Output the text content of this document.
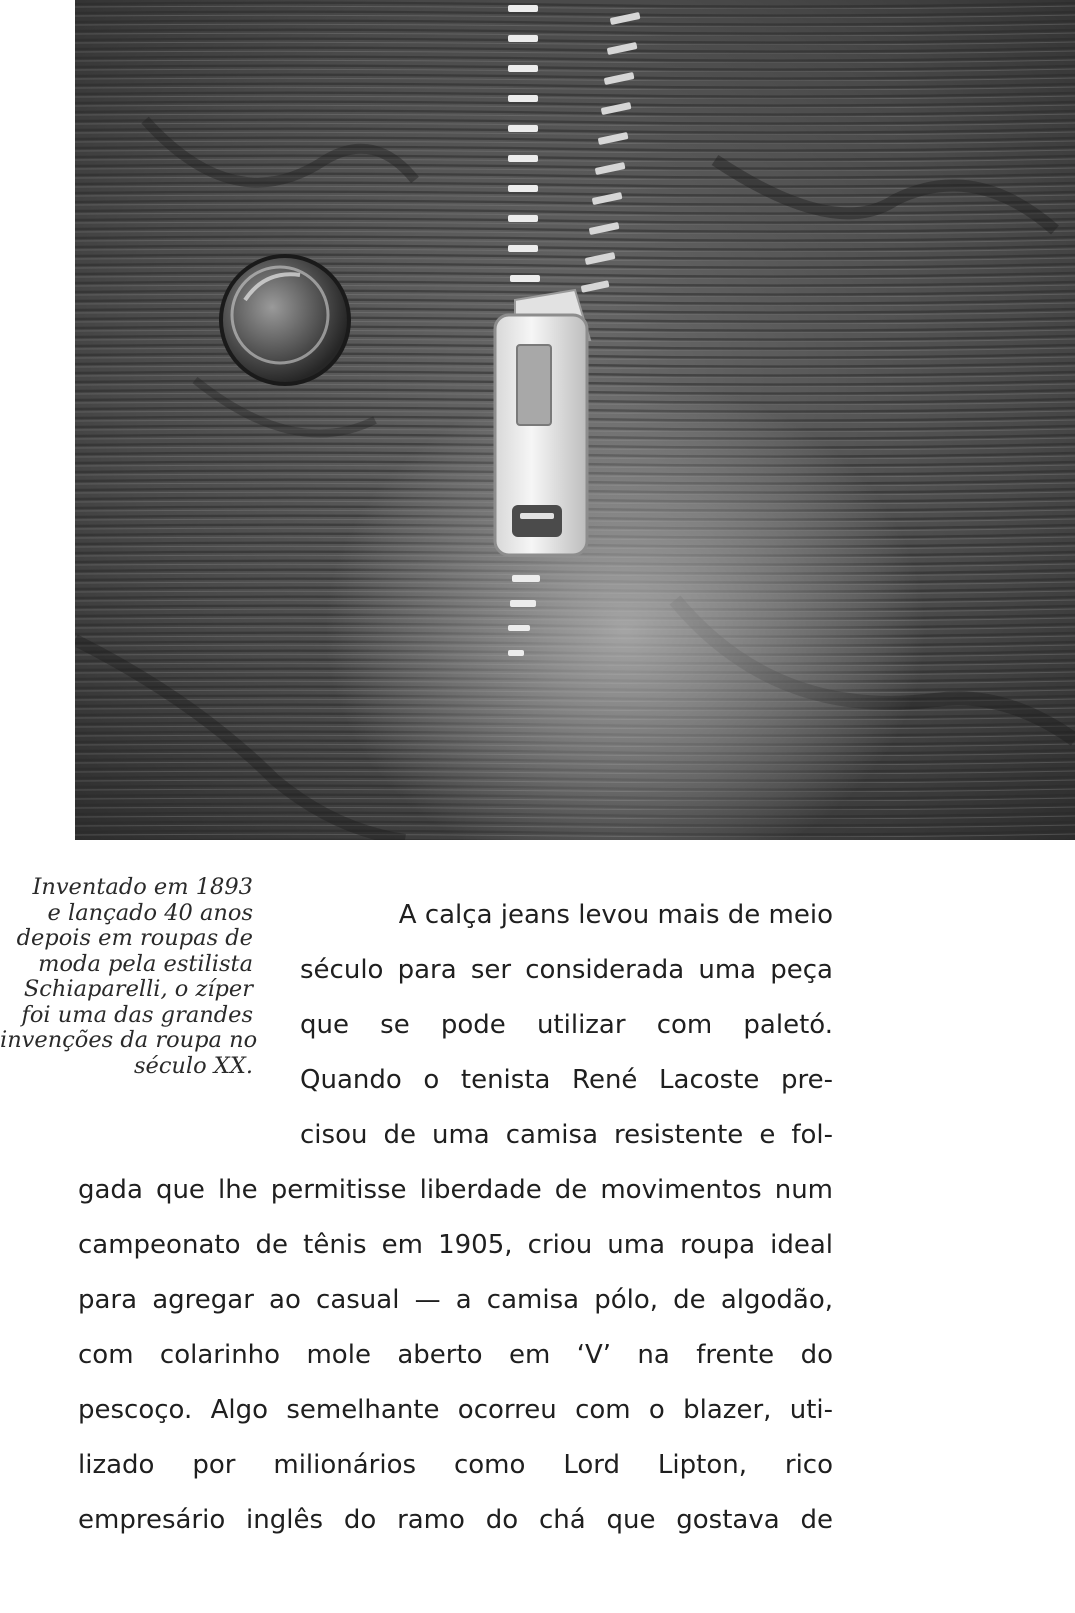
Inventado em 1893
e lançado 40 anos
depois em roupas de
moda pela estilista
Schiaparelli, o zíper
foi uma das grandes
invenções da roupa no
século XX.
A calça jeans levou mais de meio
século para ser considerada uma peça
que se pode utilizar com paletó.
Quando o tenista René Lacoste pre-
cisou de uma camisa resistente e fol-
gada que lhe permitisse liberdade de movimentos num
campeonato de tênis em 1905, criou uma roupa ideal
para agregar ao casual — a camisa pólo, de algodão,
com colarinho mole aberto em ‘V’ na frente do
pescoço. Algo semelhante ocorreu com o blazer, uti-
lizado por milionários como Lord Lipton, rico
empresário inglês do ramo do chá que gostava de
